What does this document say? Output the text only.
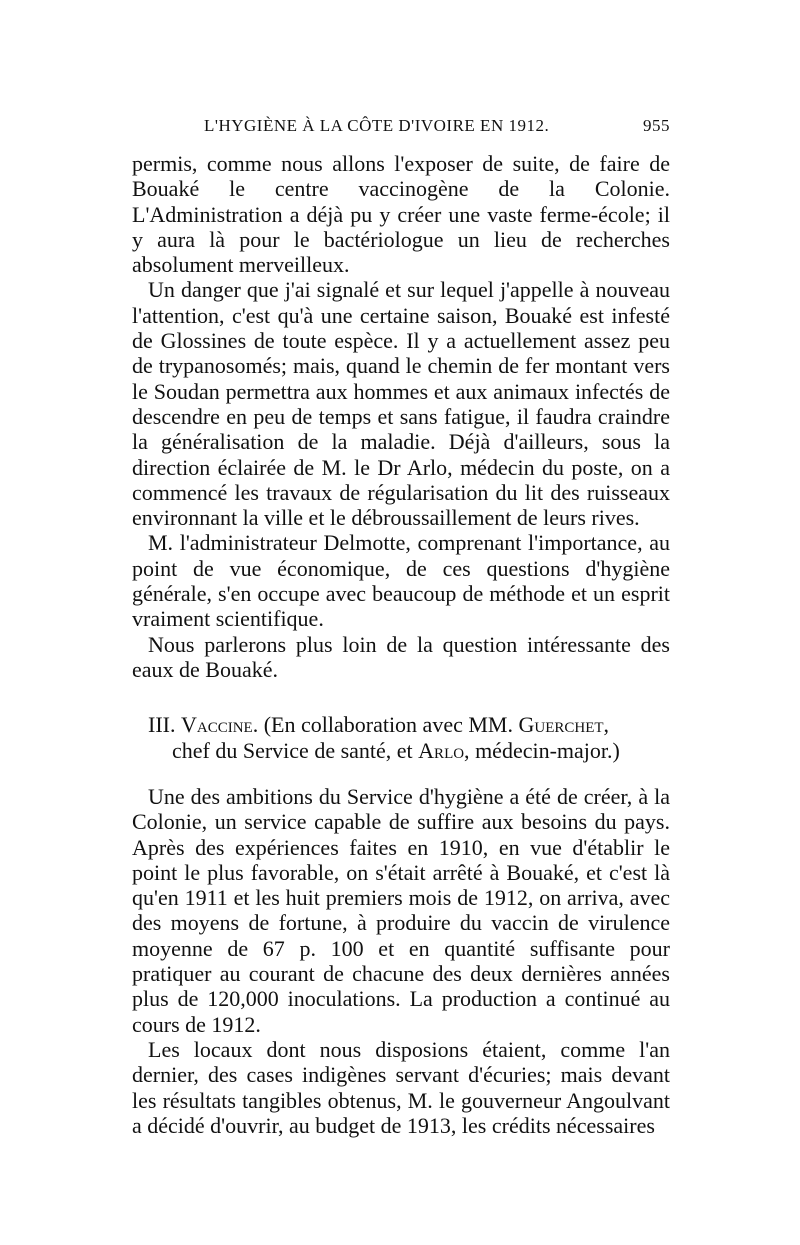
L'HYGIÈNE À LA CÔTE D'IVOIRE EN 1912.	955

permis, comme nous allons l'exposer de suite, de faire de Bouaké le centre vaccinogène de la Colonie. L'Administration a déjà pu y créer une vaste ferme-école; il y aura là pour le bactériologue un lieu de recherches absolument merveilleux.

Un danger que j'ai signalé et sur lequel j'appelle à nouveau l'attention, c'est qu'à une certaine saison, Bouaké est infesté de Glossines de toute espèce. Il y a actuellement assez peu de trypanosomés; mais, quand le chemin de fer montant vers le Soudan permettra aux hommes et aux animaux infectés de descendre en peu de temps et sans fatigue, il faudra craindre la généralisation de la maladie. Déjà d'ailleurs, sous la direction éclairée de M. le Dr Arlo, médecin du poste, on a commencé les travaux de régularisation du lit des ruisseaux environnant la ville et le débroussaillement de leurs rives.

M. l'administrateur Delmotte, comprenant l'importance, au point de vue économique, de ces questions d'hygiène générale, s'en occupe avec beaucoup de méthode et un esprit vraiment scientifique.

Nous parlerons plus loin de la question intéressante des eaux de Bouaké.

III. Vaccine. (En collaboration avec MM. Guerchet,
chef du Service de santé, et Arlo, médecin-major.)

Une des ambitions du Service d'hygiène a été de créer, à la Colonie, un service capable de suffire aux besoins du pays. Après des expériences faites en 1910, en vue d'établir le point le plus favorable, on s'était arrêté à Bouaké, et c'est là qu'en 1911 et les huit premiers mois de 1912, on arriva, avec des moyens de fortune, à produire du vaccin de virulence moyenne de 67 p. 100 et en quantité suffisante pour pratiquer au courant de chacune des deux dernières années plus de 120,000 inoculations. La production a continué au cours de 1912.

Les locaux dont nous disposions étaient, comme l'an dernier, des cases indigènes servant d'écuries; mais devant les résultats tangibles obtenus, M. le gouverneur Angoulvant a décidé d'ouvrir, au budget de 1913, les crédits nécessaires
